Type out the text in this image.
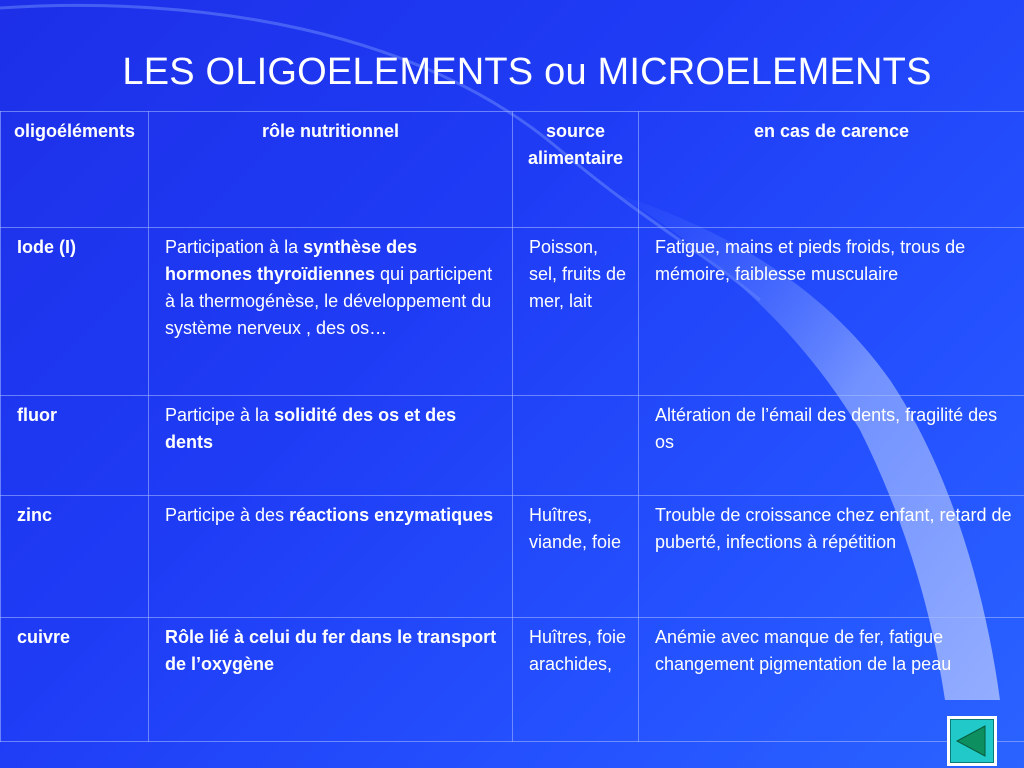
LES OLIGOELEMENTS ou MICROELEMENTS
oligoéléments	rôle nutritionnel	source alimentaire	en cas de carence
Iode (I)	Participation à la synthèse des hormones thyroïdiennes qui participent à la thermogénèse, le développement du système nerveux , des os…	Poisson, sel, fruits de mer, lait	Fatigue, mains et pieds froids, trous de mémoire, faiblesse musculaire
fluor	Participe à la solidité des os et des dents		Altération de l’émail des dents, fragilité des os
zinc	Participe à des réactions enzymatiques	Huîtres, viande, foie	Trouble de croissance chez enfant, retard de puberté, infections à répétition
cuivre	Rôle lié à celui du fer dans le transport de l’oxygène	Huîtres, foie arachides,	Anémie avec manque de fer, fatigue changement pigmentation de la peau
